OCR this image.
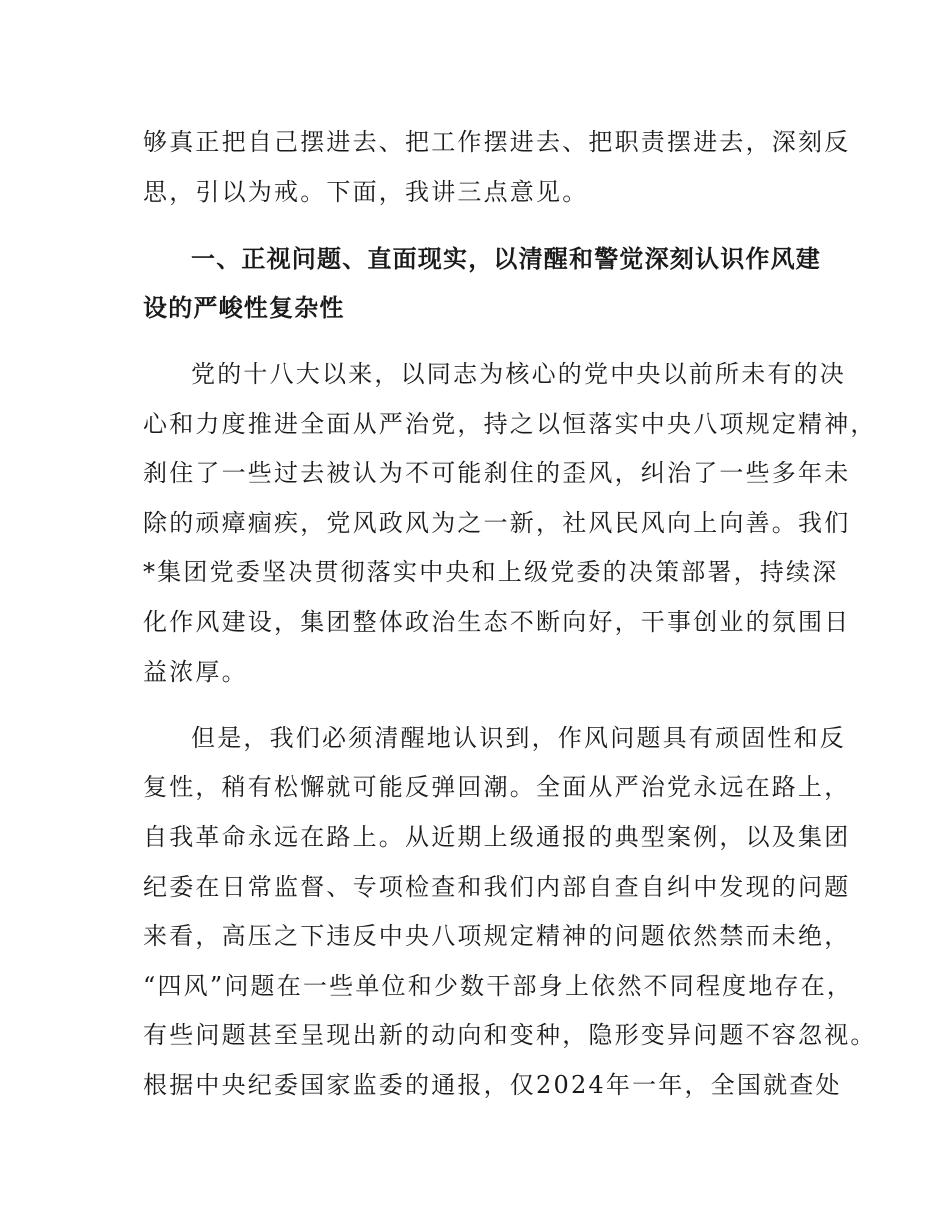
够真正把自己摆进去、把工作摆进去、把职责摆进去，深刻反
思，引以为戒。下面，我讲三点意见。
一、正视问题、直面现实，以清醒和警觉深刻认识作风建
设的严峻性复杂性
党的十八大以来，以同志为核心的党中央以前所未有的决
心和力度推进全面从严治党，持之以恒落实中央八项规定精神，
刹住了一些过去被认为不可能刹住的歪风，纠治了一些多年未
除的顽瘴痼疾，党风政风为之一新，社风民风向上向善。我们
*集团党委坚决贯彻落实中央和上级党委的决策部署，持续深
化作风建设，集团整体政治生态不断向好，干事创业的氛围日
益浓厚。
但是，我们必须清醒地认识到，作风问题具有顽固性和反
复性，稍有松懈就可能反弹回潮。全面从严治党永远在路上，
自我革命永远在路上。从近期上级通报的典型案例，以及集团
纪委在日常监督、专项检查和我们内部自查自纠中发现的问题
来看，高压之下违反中央八项规定精神的问题依然禁而未绝，
“四风”问题在一些单位和少数干部身上依然不同程度地存在，
有些问题甚至呈现出新的动向和变种，隐形变异问题不容忽视。
根据中央纪委国家监委的通报，仅2024年一年，全国就查处
